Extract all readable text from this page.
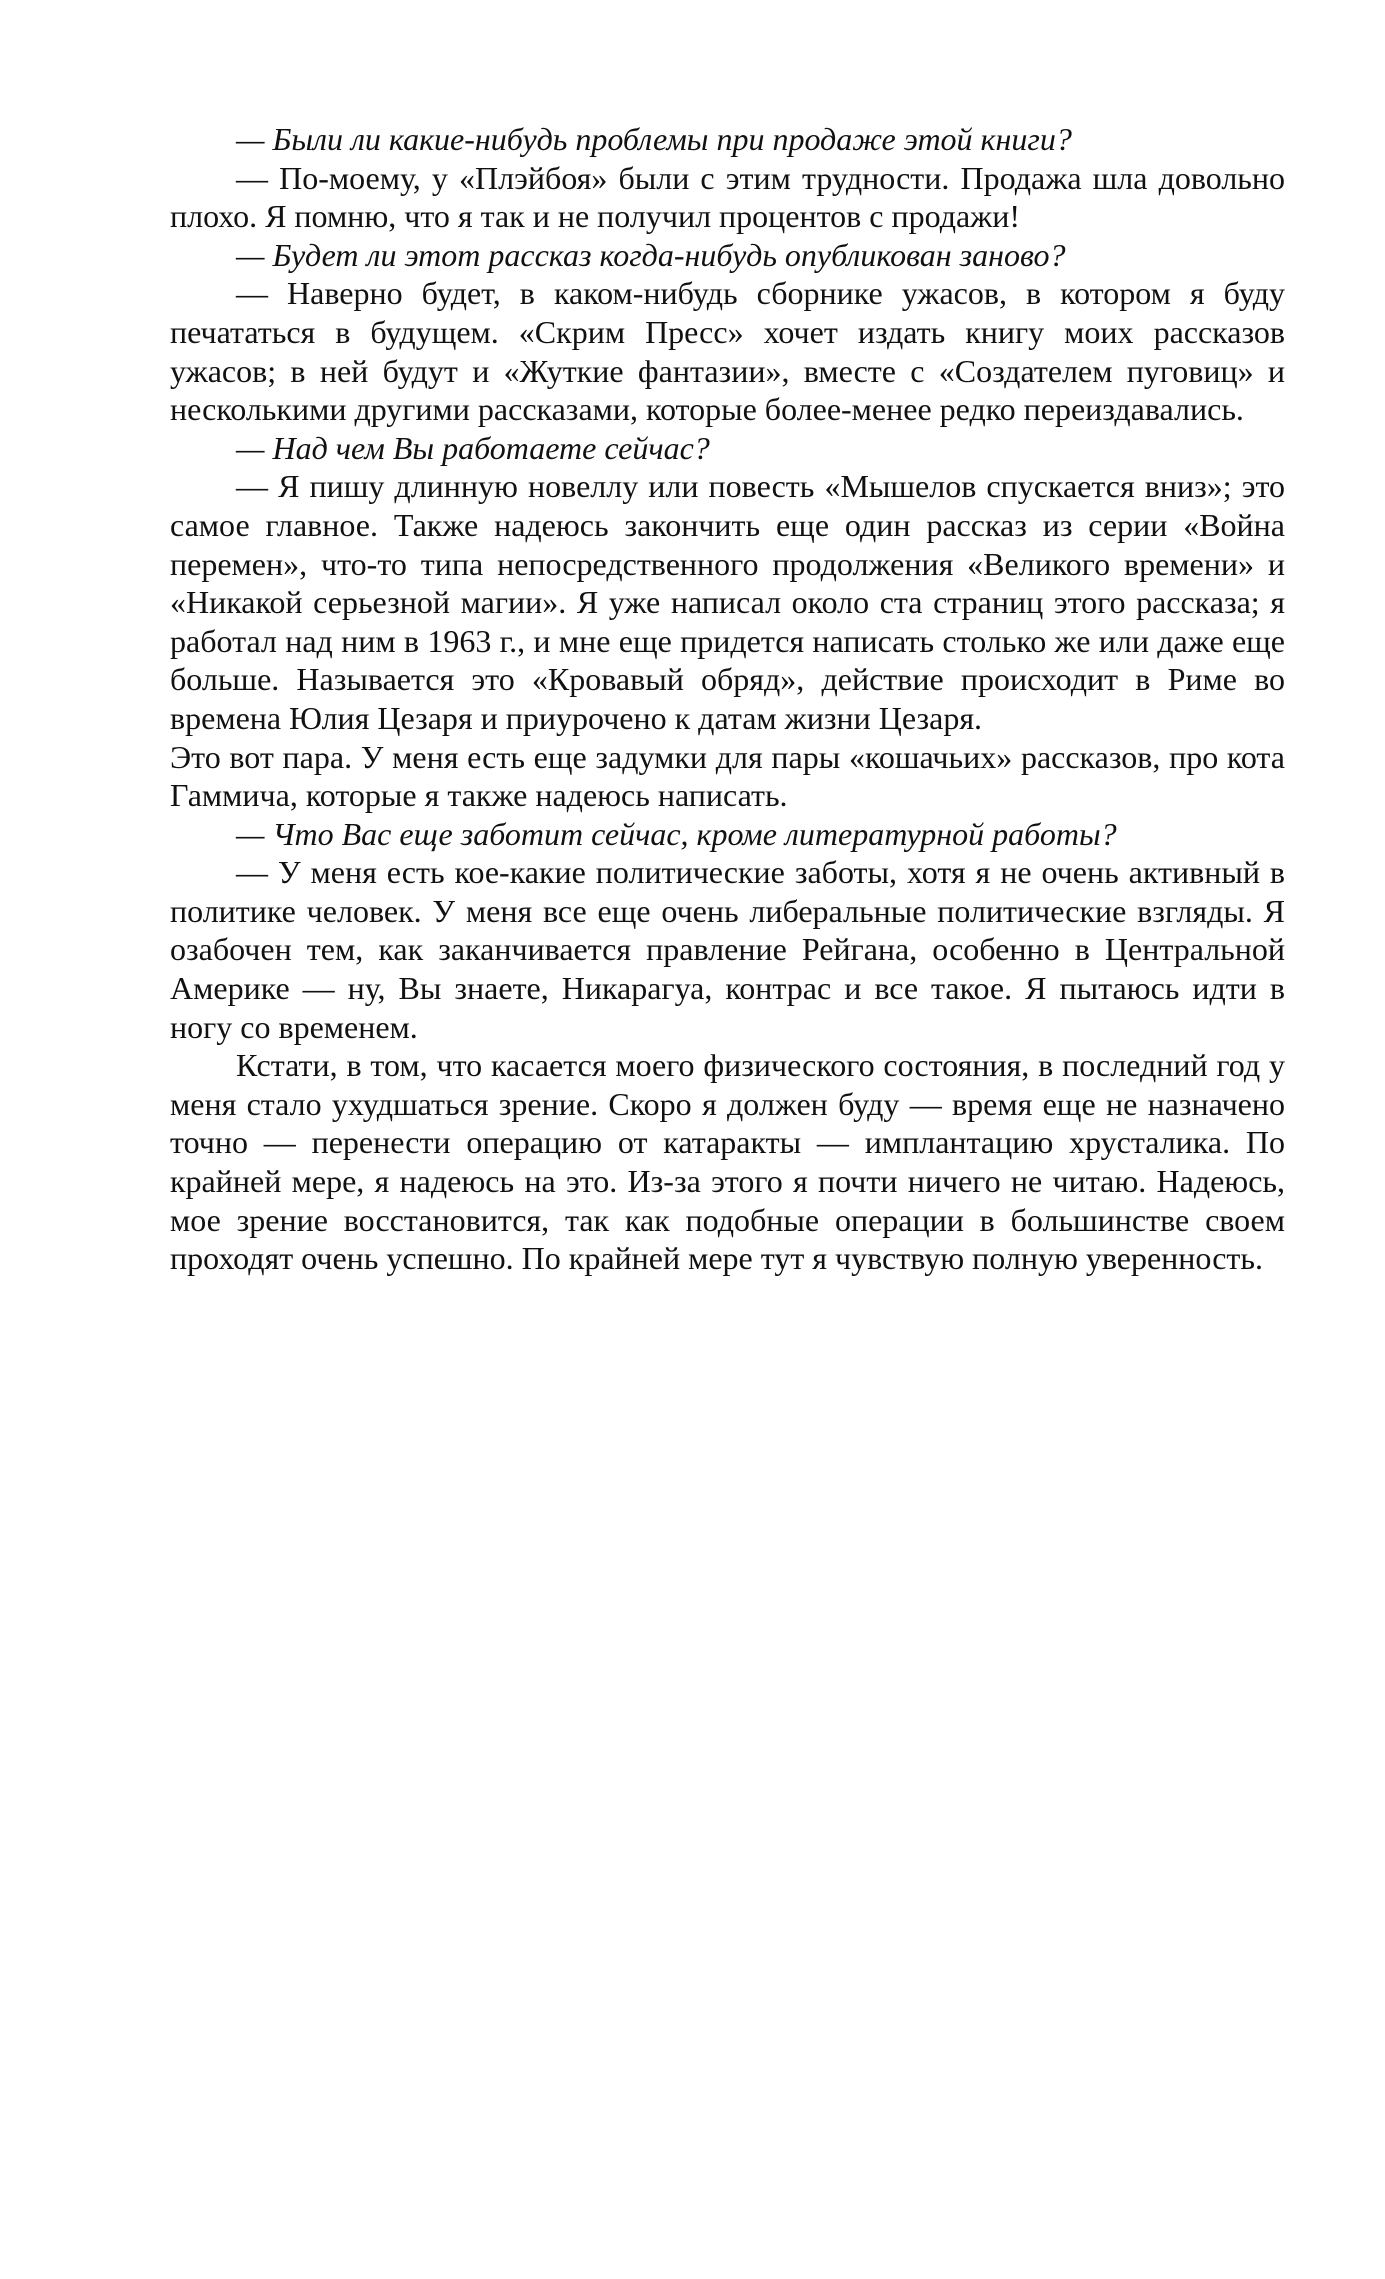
— Были ли какие-нибудь проблемы при продаже этой книги?

— По-моему, у «Плэйбоя» были с этим трудности. Продажа шла довольно плохо. Я помню, что я так и не получил процентов с продажи!

— Будет ли этот рассказ когда-нибудь опубликован заново?

— Наверно будет, в каком-нибудь сборнике ужасов, в котором я буду печататься в будущем. «Скрим Пресс» хочет издать книгу моих рассказов ужасов; в ней будут и «Жуткие фантазии», вместе с «Создателем пуговиц» и несколькими другими рассказами, которые более-менее редко переиздавались.

— Над чем Вы работаете сейчас?

— Я пишу длинную новеллу или повесть «Мышелов спускается вниз»; это самое главное. Также надеюсь закончить еще один рассказ из серии «Война перемен», что-то типа непосредственного продолжения «Великого времени» и «Никакой серьезной магии». Я уже написал около ста страниц этого рассказа; я работал над ним в 1963 г., и мне еще придется написать столько же или даже еще больше. Называется это «Кровавый обряд», действие происходит в Риме во времена Юлия Цезаря и приурочено к датам жизни Цезаря.

Это вот пара. У меня есть еще задумки для пары «кошачьих» рассказов, про кота Гаммича, которые я также надеюсь написать.

— Что Вас еще заботит сейчас, кроме литературной работы?

— У меня есть кое-какие политические заботы, хотя я не очень активный в политике человек. У меня все еще очень либеральные политические взгляды. Я озабочен тем, как заканчивается правление Рейгана, особенно в Центральной Америке — ну, Вы знаете, Никарагуа, контрас и все такое. Я пытаюсь идти в ногу со временем.

Кстати, в том, что касается моего физического состояния, в последний год у меня стало ухудшаться зрение. Скоро я должен буду — время еще не назначено точно — перенести операцию от катаракты — имплантацию хрусталика. По крайней мере, я надеюсь на это. Из-за этого я почти ничего не читаю. Надеюсь, мое зрение восстановится, так как подобные операции в большинстве своем проходят очень успешно. По крайней мере тут я чувствую полную уверенность.
